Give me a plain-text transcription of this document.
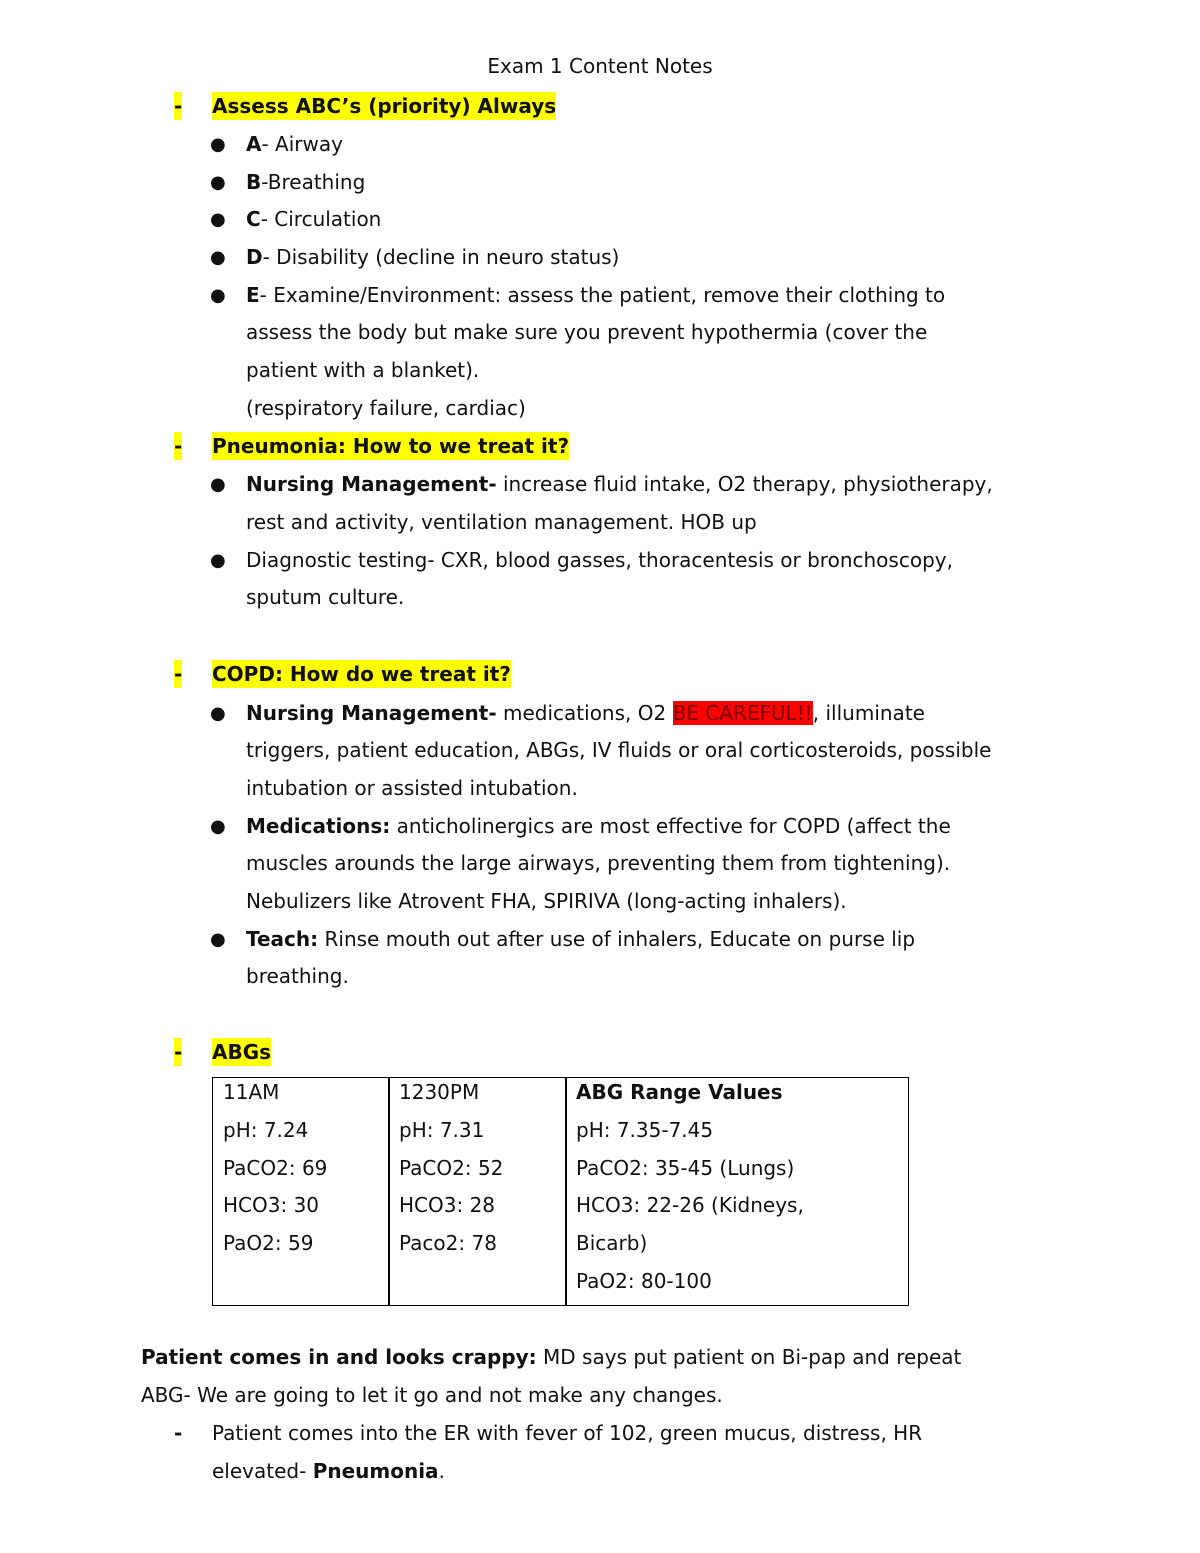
Exam 1 Content Notes
- Assess ABC’s (priority) Always
● A- Airway
● B-Breathing
● C- Circulation
● D- Disability (decline in neuro status)
● E- Examine/Environment: assess the patient, remove their clothing to
assess the body but make sure you prevent hypothermia (cover the
patient with a blanket).
(respiratory failure, cardiac)
- Pneumonia: How to we treat it?
● Nursing Management- increase fluid intake, O2 therapy, physiotherapy,
rest and activity, ventilation management. HOB up
● Diagnostic testing- CXR, blood gasses, thoracentesis or bronchoscopy,
sputum culture.
- COPD: How do we treat it?
● Nursing Management- medications, O2 BE CAREFUL!!, illuminate
triggers, patient education, ABGs, IV fluids or oral corticosteroids, possible
intubation or assisted intubation.
● Medications: anticholinergics are most effective for COPD (affect the
muscles arounds the large airways, preventing them from tightening).
Nebulizers like Atrovent FHA, SPIRIVA (long-acting inhalers).
● Teach: Rinse mouth out after use of inhalers, Educate on purse lip
breathing.
- ABGs
11AM
pH: 7.24
PaCO2: 69
HCO3: 30
PaO2: 59
1230PM
pH: 7.31
PaCO2: 52
HCO3: 28
Paco2: 78
ABG Range Values
pH: 7.35-7.45
PaCO2: 35-45 (Lungs)
HCO3: 22-26 (Kidneys,
Bicarb)
PaO2: 80-100
Patient comes in and looks crappy: MD says put patient on Bi-pap and repeat
ABG- We are going to let it go and not make any changes.
- Patient comes into the ER with fever of 102, green mucus, distress, HR
elevated- Pneumonia.
